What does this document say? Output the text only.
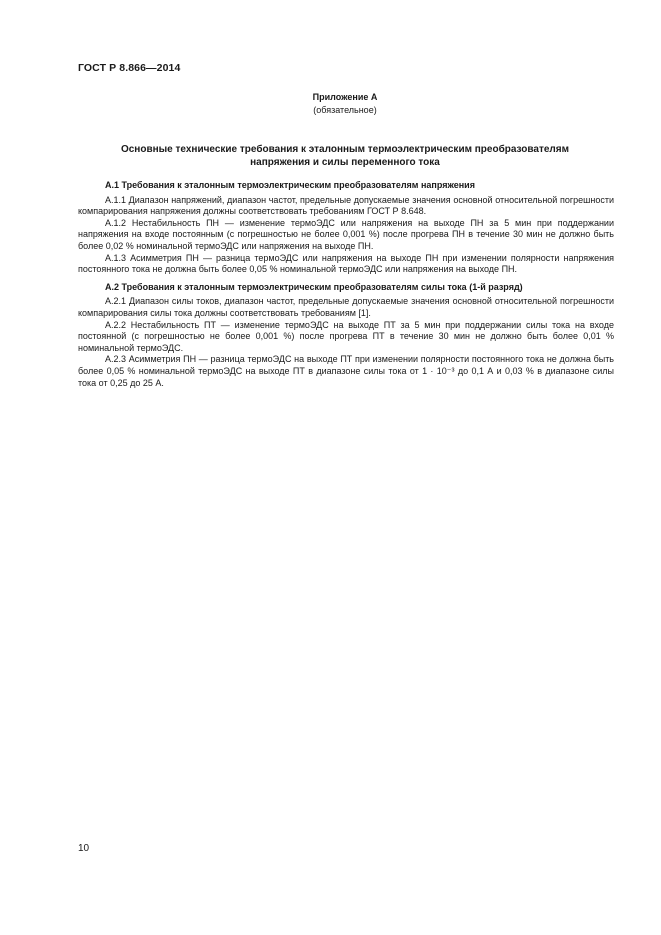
ГОСТ Р 8.866—2014
Приложение А
(обязательное)
Основные технические требования к эталонным термоэлектрическим преобразователям
напряжения и силы переменного тока
А.1 Требования к эталонным термоэлектрическим преобразователям напряжения

А.1.1 Диапазон напряжений, диапазон частот, предельные допускаемые значения основной относительной погрешности компарирования напряжения должны соответствовать требованиям ГОСТ Р 8.648.

А.1.2 Нестабильность ПН — изменение термоЭДС или напряжения на выходе ПН за 5 мин при поддержании напряжения на входе постоянным (с погрешностью не более 0,001 %) после прогрева ПН в течение 30 мин не должно быть более 0,02 % номинальной термоЭДС или напряжения на выходе ПН.

А.1.3 Асимметрия ПН — разница термоЭДС или напряжения на выходе ПН при изменении полярности напряжения постоянного тока не должна быть более 0,05 % номинальной термоЭДС или напряжения на выходе ПН.

А.2 Требования к эталонным термоэлектрическим преобразователям силы тока (1-й разряд)

А.2.1 Диапазон силы токов, диапазон частот, предельные допускаемые значения основной относительной погрешности компарирования силы тока должны соответствовать требованиям [1].

А.2.2 Нестабильность ПТ — изменение термоЭДС на выходе ПТ за 5 мин при поддержании силы тока на входе постоянной (с погрешностью не более 0,001 %) после прогрева ПТ в течение 30 мин не должно быть более 0,01 % номинальной термоЭДС.

А.2.3 Асимметрия ПН — разница термоЭДС на выходе ПТ при изменении полярности постоянного тока не должна быть более 0,05 % номинальной термоЭДС на выходе ПТ в диапазоне силы тока от 1 · 10⁻³ до 0,1 А и 0,03 % в диапазоне силы тока от 0,25 до 25 А.

10
